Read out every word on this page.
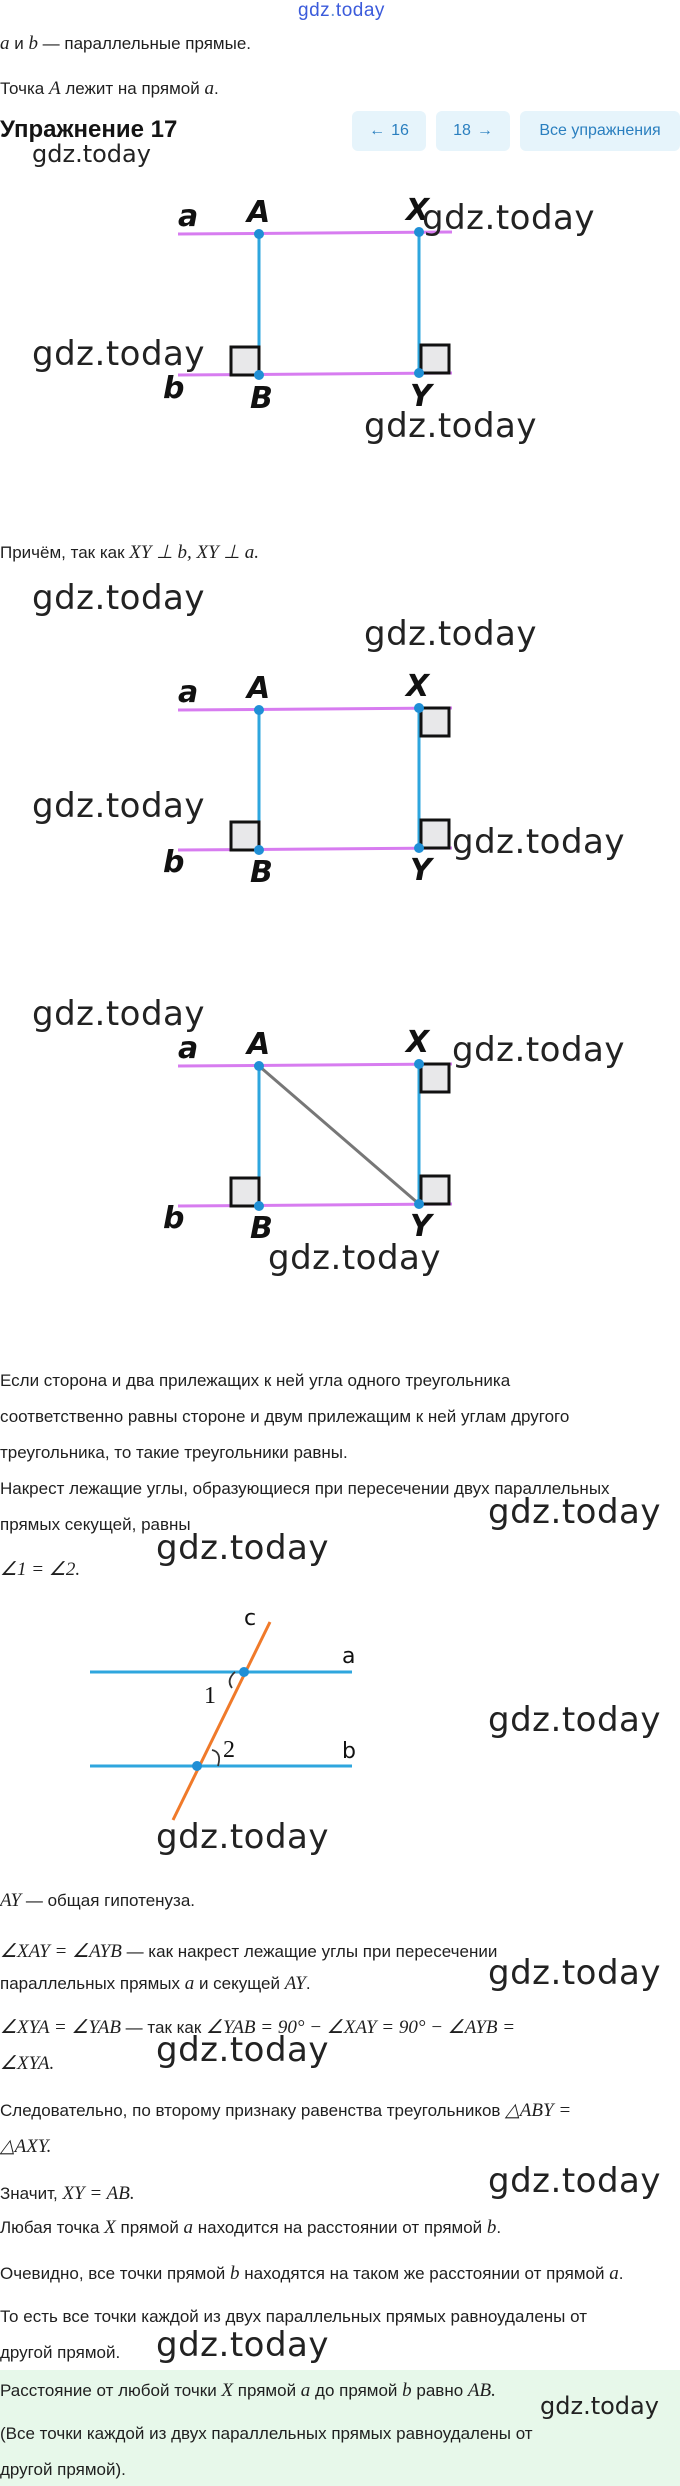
gdz.today
a и b — параллельные прямые.
Точка A лежит на прямой a.
Упражнение 17	← 16	18 →	Все упражнения
a A	X
b B	Y
Причём, так как XY ⊥ b, XY ⊥ a.
a A	X
b B	Y
a A	X
b B	Y
Если сторона и два прилежащих к ней угла одного треугольника
соответственно равны стороне и двум прилежащим к ней углам другого
треугольника, то такие треугольники равны.
Накрест лежащие углы, образующиеся при пересечении двух параллельных
прямых секущей, равны
∠1 = ∠2.
c
a
b
1
2
AY — общая гипотенуза.
∠XAY = ∠AYB — как накрест лежащие углы при пересечении
параллельных прямых a и секущей AY.
∠XYA = ∠YAB — так как ∠YAB = 90° − ∠XAY = 90° − ∠AYB =
∠XYA.
Следовательно, по второму признаку равенства треугольников △ABY =
△AXY.
Значит, XY = AB.
Любая точка X прямой a находится на расстоянии от прямой b.
Очевидно, все точки прямой b находятся на таком же расстоянии от прямой a.
То есть все точки каждой из двух параллельных прямых равноудалены от
другой прямой.
Расстояние от любой точки X прямой a до прямой b равно AB.
(Все точки каждой из двух параллельных прямых равноудалены от
другой прямой).
gdz.today
gdz.today
gdz.today
gdz.today
gdz.today
gdz.today
gdz.today
gdz.today
gdz.today
gdz.today
gdz.today
gdz.today
gdz.today
gdz.today
gdz.today
gdz.today
gdz.today
gdz.today
gdz.today
gdz.today
